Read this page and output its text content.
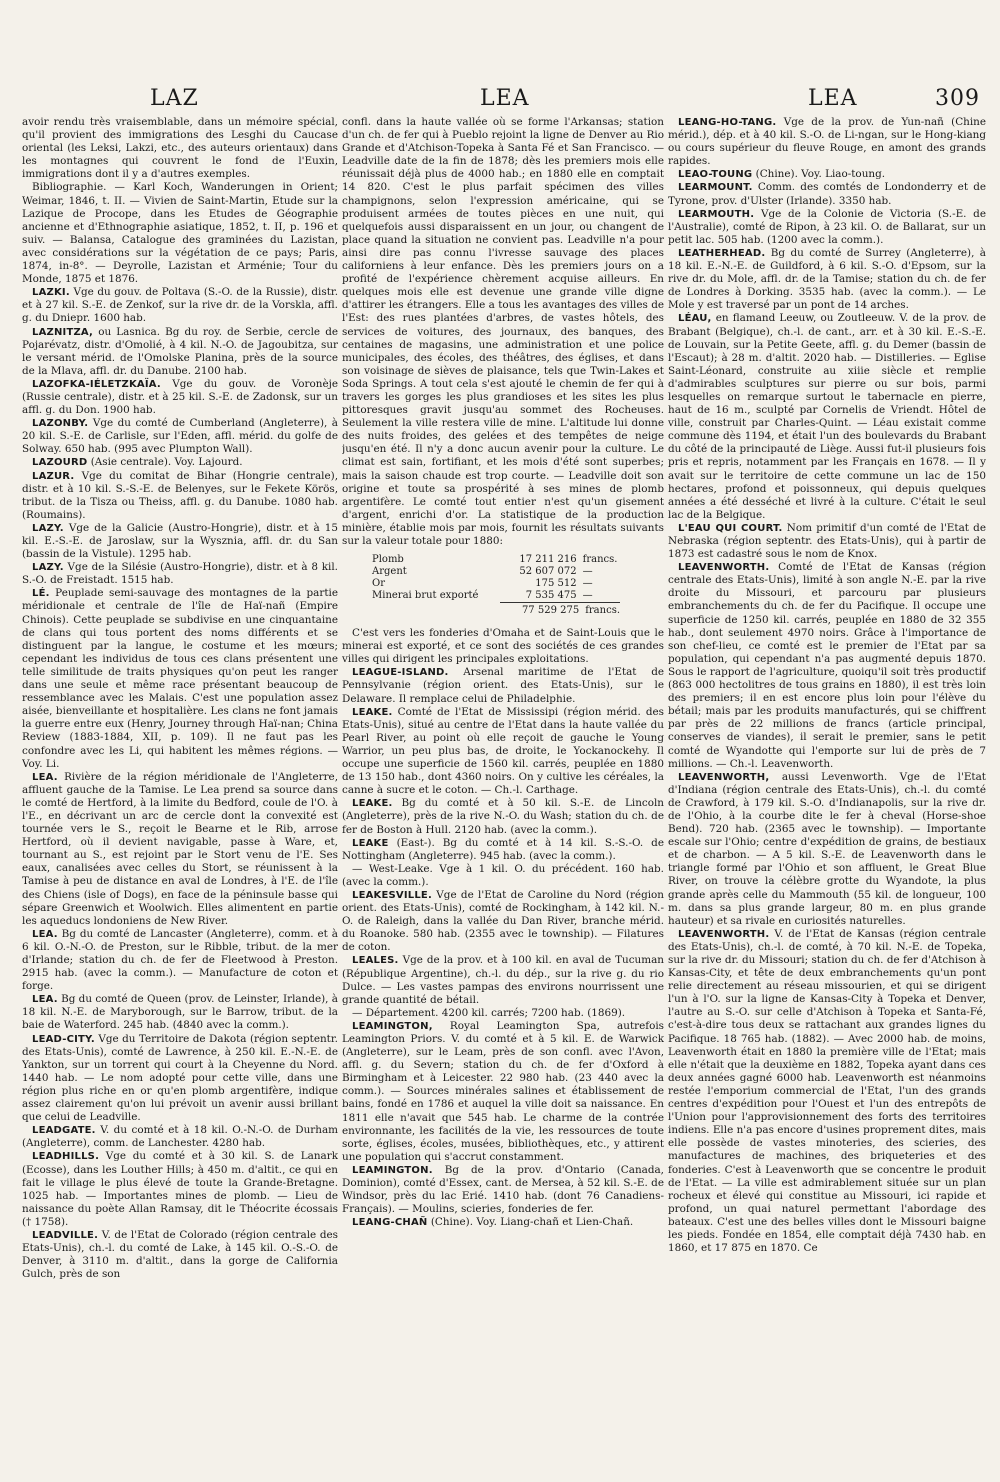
LAZ	LEA	LEA	309

avoir rendu très vraisemblable, dans un mémoire spécial, qu'il provient des immigrations des Lesghi du Caucase oriental (les Leksi, Lakzi, etc., des auteurs orientaux) dans les montagnes qui couvrent le fond de l'Euxin, immigrations dont il y a d'autres exemples.

Bibliographie. — Karl Koch, Wanderungen in Orient; Weimar, 1846, t. II. — Vivien de Saint-Martin, Etude sur la Lazique de Procope, dans les Etudes de Géographie ancienne et d'Ethnographie asiatique, 1852, t. II, p. 196 et suiv. — Balansa, Catalogue des graminées du Lazistan, avec considérations sur la végétation de ce pays; Paris, 1874, in-8°. — Deyrolle, Lazistan et Arménie; Tour du Monde, 1875 et 1876.

LAZKI. Vge du gouv. de Poltava (S.-O. de la Russie), distr. et à 27 kil. S.-E. de Zenkof, sur la rive dr. de la Vorskla, affl. g. du Dniepr. 1600 hab.

LAZNITZA, ou Lasnica. Bg du roy. de Serbie, cercle de Pojarévatz, distr. d'Omolié, à 4 kil. N.-O. de Jagoubitza, sur le versant mérid. de l'Omolske Planina, près de la source de la Mlava, affl. dr. du Danube. 2100 hab.

LAZOFKA-IÉLETZKAÏA. Vge du gouv. de Voronèje (Russie centrale), distr. et à 25 kil. S.-E. de Zadonsk, sur un affl. g. du Don. 1900 hab.

LAZONBY. Vge du comté de Cumberland (Angleterre), à 20 kil. S.-E. de Carlisle, sur l'Eden, affl. mérid. du golfe de Solway. 650 hab. (995 avec Plumpton Wall).

LAZOURD (Asie centrale). Voy. Lajourd.

LAZUR. Vge du comitat de Bihar (Hongrie centrale), distr. et à 10 kil. S.-S.-E. de Belenyes, sur le Fekete Körös, tribut. de la Tisza ou Theiss, affl. g. du Danube. 1080 hab. (Roumains).

LAZY. Vge de la Galicie (Austro-Hongrie), distr. et à 15 kil. E.-S.-E. de Jaroslaw, sur la Wysznia, affl. dr. du San (bassin de la Vistule). 1295 hab.

LAZY. Vge de la Silésie (Austro-Hongrie), distr. et à 8 kil. S.-O. de Freistadt. 1515 hab.

LÉ. Peuplade semi-sauvage des montagnes de la partie méridionale et centrale de l'île de Haï-nañ (Empire Chinois). Cette peuplade se subdivise en une cinquantaine de clans qui tous portent des noms différents et se distinguent par la langue, le costume et les mœurs; cependant les individus de tous ces clans présentent une telle similitude de traits physiques qu'on peut les ranger dans une seule et même race présentant beaucoup de ressemblance avec les Malais. C'est une population assez aisée, bienveillante et hospitalière. Les clans ne font jamais la guerre entre eux (Henry, Journey through Haï-nan; China Review (1883-1884, XII, p. 109). Il ne faut pas les confondre avec les Li, qui habitent les mêmes régions. — Voy. Li.

LEA. Rivière de la région méridionale de l'Angleterre, affluent gauche de la Tamise. Le Lea prend sa source dans le comté de Hertford, à la limite du Bedford, coule de l'O. à l'E., en décrivant un arc de cercle dont la convexité est tournée vers le S., reçoit le Bearne et le Rib, arrose Hertford, où il devient navigable, passe à Ware, et, tournant au S., est rejoint par le Stort venu de l'E. Ses eaux, canalisées avec celles du Stort, se réunissent à la Tamise à peu de distance en aval de Londres, à l'E. de l'île des Chiens (isle of Dogs), en face de la péninsule basse qui sépare Greenwich et Woolwich. Elles alimentent en partie les aqueducs londoniens de New River.

LEA. Bg du comté de Lancaster (Angleterre), comm. et à 6 kil. O.-N.-O. de Preston, sur le Ribble, tribut. de la mer d'Irlande; station du ch. de fer de Fleetwood à Preston. 2915 hab. (avec la comm.). — Manufacture de coton et forge.

LEA. Bg du comté de Queen (prov. de Leinster, Irlande), à 18 kil. N.-E. de Maryborough, sur le Barrow, tribut. de la baie de Waterford. 245 hab. (4840 avec la comm.).

LEAD-CITY. Vge du Territoire de Dakota (région septentr. des Etats-Unis), comté de Lawrence, à 250 kil. E.-N.-E. de Yankton, sur un torrent qui court à la Cheyenne du Nord. 1440 hab. — Le nom adopté pour cette ville, dans une région plus riche en or qu'en plomb argentifère, indique assez clairement qu'on lui prévoit un avenir aussi brillant que celui de Leadville.

LEADGATE. V. du comté et à 18 kil. O.-N.-O. de Durham (Angleterre), comm. de Lanchester. 4280 hab.

LEADHILLS. Vge du comté et à 30 kil. S. de Lanark (Ecosse), dans les Louther Hills; à 450 m. d'altit., ce qui en fait le village le plus élevé de toute la Grande-Bretagne. 1025 hab. — Importantes mines de plomb. — Lieu de naissance du poète Allan Ramsay, dit le Théocrite écossais († 1758).

LEADVILLE. V. de l'Etat de Colorado (région centrale des Etats-Unis), ch.-l. du comté de Lake, à 145 kil. O.-S.-O. de Denver, à 3110 m. d'altit., dans la gorge de California Gulch, près de son

confl. dans la haute vallée où se forme l'Arkansas; station d'un ch. de fer qui à Pueblo rejoint la ligne de Denver au Rio Grande et d'Atchison-Topeka à Santa Fé et San Francisco. — Leadville date de la fin de 1878; dès les premiers mois elle réunissait déjà plus de 4000 hab.; en 1880 elle en comptait 14 820. C'est le plus parfait spécimen des villes champignons, selon l'expression américaine, qui se produisent armées de toutes pièces en une nuit, qui quelquefois aussi disparaissent en un jour, ou changent de place quand la situation ne convient pas. Leadville n'a pour ainsi dire pas connu l'ivresse sauvage des places californiens à leur enfance. Dès les premiers jours on a profité de l'expérience chèrement acquise ailleurs. En quelques mois elle est devenue une grande ville digne d'attirer les étrangers. Elle a tous les avantages des villes de l'Est: des rues plantées d'arbres, de vastes hôtels, des services de voitures, des journaux, des banques, des centaines de magasins, une administration et une police municipales, des écoles, des théâtres, des églises, et dans son voisinage de sièves de plaisance, tels que Twin-Lakes et Soda Springs. A tout cela s'est ajouté le chemin de fer qui à travers les gorges les plus grandioses et les sites les plus pittoresques gravit jusqu'au sommet des Rocheuses. Seulement la ville restera ville de mine. L'altitude lui donne des nuits froides, des gelées et des tempêtes de neige jusqu'en été. Il n'y a donc aucun avenir pour la culture. Le climat est sain, fortifiant, et les mois d'été sont superbes; mais la saison chaude est trop courte. — Leadville doit son origine et toute sa prospérité à ses mines de plomb argentifère. Le comté tout entier n'est qu'un gisement d'argent, enrichi d'or. La statistique de la production minière, établie mois par mois, fournit les résultats suivants sur la valeur totale pour 1880:

Plomb	17 211 216 francs.
Argent	52 607 072 —
Or	175 512 —
Minerai brut exporté	7 535 475 —
77 529 275 francs.

C'est vers les fonderies d'Omaha et de Saint-Louis que le minerai est exporté, et ce sont des sociétés de ces grandes villes qui dirigent les principales exploitations.

LEAGUE-ISLAND. Arsenal maritime de l'Etat de Pennsylvanie (région orient. des Etats-Unis), sur le Delaware. Il remplace celui de Philadelphie.

LEAKE. Comté de l'Etat de Mississipi (région mérid. des Etats-Unis), situé au centre de l'Etat dans la haute vallée du Pearl River, au point où elle reçoit de gauche le Young Warrior, un peu plus bas, de droite, le Yockanockehy. Il occupe une superficie de 1560 kil. carrés, peuplée en 1880 de 13 150 hab., dont 4360 noirs. On y cultive les céréales, la canne à sucre et le coton. — Ch.-l. Carthage.

LEAKE. Bg du comté et à 50 kil. S.-E. de Lincoln (Angleterre), près de la rive N.-O. du Wash; station du ch. de fer de Boston à Hull. 2120 hab. (avec la comm.).

LEAKE (East-). Bg du comté et à 14 kil. S.-S.-O. de Nottingham (Angleterre). 945 hab. (avec la comm.).

— West-Leake. Vge à 1 kil. O. du précédent. 160 hab. (avec la comm.).

LEAKESVILLE. Vge de l'Etat de Caroline du Nord (région orient. des Etats-Unis), comté de Rockingham, à 142 kil. N.-O. de Raleigh, dans la vallée du Dan River, branche mérid. du Roanoke. 580 hab. (2355 avec le township). — Filatures de coton.

LEALES. Vge de la prov. et à 100 kil. en aval de Tucuman (République Argentine), ch.-l. du dép., sur la rive g. du rio Dulce. — Les vastes pampas des environs nourrissent une grande quantité de bétail.

— Département. 4200 kil. carrés; 7200 hab. (1869).

LEAMINGTON, Royal Leamington Spa, autrefois Leamington Priors. V. du comté et à 5 kil. E. de Warwick (Angleterre), sur le Leam, près de son confl. avec l'Avon, affl. g. du Severn; station du ch. de fer d'Oxford à Birmingham et à Leicester. 22 980 hab. (23 440 avec la comm.). — Sources minérales salines et établissement de bains, fondé en 1786 et auquel la ville doit sa naissance. En 1811 elle n'avait que 545 hab. Le charme de la contrée environnante, les facilités de la vie, les ressources de toute sorte, églises, écoles, musées, bibliothèques, etc., y attirent une population qui s'accrut constamment.

LEAMINGTON. Bg de la prov. d'Ontario (Canada, Dominion), comté d'Essex, cant. de Mersea, à 52 kil. S.-E. de Windsor, près du lac Erié. 1410 hab. (dont 76 Canadiens-Français). — Moulins, scieries, fonderies de fer.

LEANG-CHAÑ (Chine). Voy. Liang-chañ et Lien-Chañ.

LEANG-HO-TANG. Vge de la prov. de Yun-nañ (Chine mérid.), dép. et à 40 kil. S.-O. de Li-ngan, sur le Hong-kiang ou cours supérieur du fleuve Rouge, en amont des grands rapides.

LEAO-TOUNG (Chine). Voy. Liao-toung.

LEARMOUNT. Comm. des comtés de Londonderry et de Tyrone, prov. d'Ulster (Irlande). 3350 hab.

LEARMOUTH. Vge de la Colonie de Victoria (S.-E. de l'Australie), comté de Ripon, à 23 kil. O. de Ballarat, sur un petit lac. 505 hab. (1200 avec la comm.).

LEATHERHEAD. Bg du comté de Surrey (Angleterre), à 18 kil. E.-N.-E. de Guildford, à 6 kil. S.-O. d'Epsom, sur la rive dr. du Mole, affl. dr. de la Tamise; station du ch. de fer de Londres à Dorking. 3535 hab. (avec la comm.). — Le Mole y est traversé par un pont de 14 arches.

LÉAU, en flamand Leeuw, ou Zoutleeuw. V. de la prov. de Brabant (Belgique), ch.-l. de cant., arr. et à 30 kil. E.-S.-E. de Louvain, sur la Petite Geete, affl. g. du Demer (bassin de l'Escaut); à 28 m. d'altit. 2020 hab. — Distilleries. — Eglise Saint-Léonard, construite au xiiie siècle et remplie d'admirables sculptures sur pierre ou sur bois, parmi lesquelles on remarque surtout le tabernacle en pierre, haut de 16 m., sculpté par Cornelis de Vriendt. Hôtel de ville, construit par Charles-Quint. — Léau existait comme commune dès 1194, et était l'un des boulevards du Brabant du côté de la principauté de Liège. Aussi fut-il plusieurs fois pris et repris, notamment par les Français en 1678. — Il y avait sur le territoire de cette commune un lac de 150 hectares, profond et poissonneux, qui depuis quelques années a été desséché et livré à la culture. C'était le seul lac de la Belgique.

L'EAU QUI COURT. Nom primitif d'un comté de l'Etat de Nebraska (région septentr. des Etats-Unis), qui à partir de 1873 est cadastré sous le nom de Knox.

LEAVENWORTH. Comté de l'Etat de Kansas (région centrale des Etats-Unis), limité à son angle N.-E. par la rive droite du Missouri, et parcouru par plusieurs embranchements du ch. de fer du Pacifique. Il occupe une superficie de 1250 kil. carrés, peuplée en 1880 de 32 355 hab., dont seulement 4970 noirs. Grâce à l'importance de son chef-lieu, ce comté est le premier de l'Etat par sa population, qui cependant n'a pas augmenté depuis 1870. Sous le rapport de l'agriculture, quoiqu'il soit très productif (863 000 hectolitres de tous grains en 1880), il est très loin des premiers; il en est encore plus loin pour l'élève du bétail; mais par les produits manufacturés, qui se chiffrent par près de 22 millions de francs (article principal, conserves de viandes), il serait le premier, sans le petit comté de Wyandotte qui l'emporte sur lui de près de 7 millions. — Ch.-l. Leavenworth.

LEAVENWORTH, aussi Levenworth. Vge de l'Etat d'Indiana (région centrale des Etats-Unis), ch.-l. du comté de Crawford, à 179 kil. S.-O. d'Indianapolis, sur la rive dr. de l'Ohio, à la courbe dite le fer à cheval (Horse-shoe Bend). 720 hab. (2365 avec le township). — Importante escale sur l'Ohio; centre d'expédition de grains, de bestiaux et de charbon. — A 5 kil. S.-E. de Leavenworth dans le triangle formé par l'Ohio et son affluent, le Great Blue River, on trouve la célèbre grotte du Wyandote, la plus grande après celle du Mammouth (55 kil. de longueur, 100 m. dans sa plus grande largeur, 80 m. en plus grande hauteur) et sa rivale en curiosités naturelles.

LEAVENWORTH. V. de l'Etat de Kansas (région centrale des Etats-Unis), ch.-l. de comté, à 70 kil. N.-E. de Topeka, sur la rive dr. du Missouri; station du ch. de fer d'Atchison à Kansas-City, et tête de deux embranchements qu'un pont relie directement au réseau missourien, et qui se dirigent l'un à l'O. sur la ligne de Kansas-City à Topeka et Denver, l'autre au S.-O. sur celle d'Atchison à Topeka et Santa-Fé, c'est-à-dire tous deux se rattachant aux grandes lignes du Pacifique. 18 765 hab. (1882). — Avec 2000 hab. de moins, Leavenworth était en 1880 la première ville de l'Etat; mais elle n'était que la deuxième en 1882, Topeka ayant dans ces deux années gagné 6000 hab. Leavenworth est néanmoins restée l'emporium commercial de l'Etat, l'un des grands centres d'expédition pour l'Ouest et l'un des entrepôts de l'Union pour l'approvisionnement des forts des territoires indiens. Elle n'a pas encore d'usines proprement dites, mais elle possède de vastes minoteries, des scieries, des manufactures de machines, des briqueteries et des fonderies. C'est à Leavenworth que se concentre le produit de l'Etat. — La ville est admirablement située sur un plan rocheux et élevé qui constitue au Missouri, ici rapide et profond, un quai naturel permettant l'abordage des bateaux. C'est une des belles villes dont le Missouri baigne les pieds. Fondée en 1854, elle comptait déjà 7430 hab. en 1860, et 17 875 en 1870. Ce
